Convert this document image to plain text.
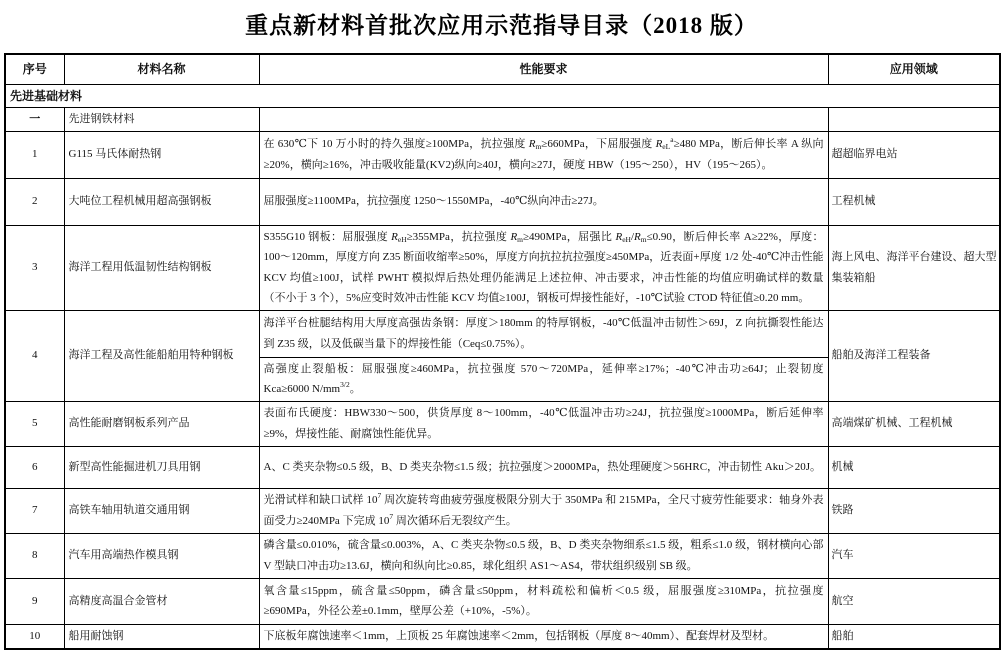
重点新材料首批次应用示范指导目录（2018 版）
序号	材料名称	性能要求	应用领域
先进基础材料			
一	先进钢铁材料		
1	G115 马氏体耐热钢	在 630℃下 10 万小时的持久强度≥100MPa，抗拉强度 $R_m\ge 660MPa$，下屈服强度 $R_{eL}^a\ge 480$ MPa，断后伸长率 A 纵向≥20%，横向≥16%，冲击吸收能量(KV2)纵向≥40J，横向≥27J，硬度 HBW（195～250），HV（195～265）。	超超临界电站
2	大吨位工程机械用超高强钢板	屈服强度≥1100MPa，抗拉强度 1250～1550MPa，-40℃纵向冲击≥27J。	工程机械
3	海洋工程用低温韧性结构钢板	S355G10 钢板：屈服强度 $R_{eH}\ge 355MPa$，抗拉强度 $R_m\ge 490MPa$，屈强比 $R_{eH}/R_m\le 0.90$，断后伸长率 A≥22%，厚度：100～120mm，厚度方向 Z35 断面收缩率≥50%，厚度方向抗拉抗拉强度≥450MPa，近表面+厚度 1/2 处-40℃冲击性能 KCV 均值≥100J，试样 PWHT 模拟焊后热处理仍能满足上述拉伸、冲击要求，冲击性能的均值应明确试样的数量（不小于 3 个），5%应变时效冲击性能 KCV 均值≥100J，钢板可焊接性能好，-10℃试验 CTOD 特征值≥0.20 mm。	海上风电、海洋平台建设、超大型集装箱船
4	海洋工程及高性能船舶用特种钢板	海洋平台桩腿结构用大厚度高强齿条钢：厚度＞180mm 的特厚钢板，-40℃低温冲击韧性＞69J，Z 向抗撕裂性能达到 Z35 级，以及低碳当量下的焊接性能（Ceq≤0.75%）。	船舶及海洋工程装备
		高强度止裂船板：屈服强度≥460MPa，抗拉强度 570～720MPa，延伸率≥17%；-40℃冲击功≥64J；止裂韧度 Kca≥6000 $N/mm^{3/2}$。	
5	高性能耐磨钢板系列产品	表面布氏硬度：HBW330～500，供货厚度 8～100mm，-40℃低温冲击功≥24J，抗拉强度≥1000MPa，断后延伸率≥9%，焊接性能、耐腐蚀性能优异。	高端煤矿机械、工程机械
6	新型高性能掘进机刀具用钢	A、C 类夹杂物≤0.5 级，B、D 类夹杂物≤1.5 级；抗拉强度＞2000MPa，热处理硬度＞56HRC，冲击韧性 Aku＞20J。	机械
7	高铁车轴用轨道交通用钢	光滑试样和缺口试样 $10^7$ 周次旋转弯曲疲劳强度极限分别大于 350MPa 和 215MPa，全尺寸疲劳性能要求：轴身外表面受力≥240MPa 下完成 $10^7$ 周次循环后无裂纹产生。	铁路
8	汽车用高端热作模具钢	磷含量≤0.010%，硫含量≤0.003%，A、C 类夹杂物≤0.5 级，B、D 类夹杂物细系≤1.5 级，粗系≤1.0 级，钢材横向心部 V 型缺口冲击功≥13.6J，横向和纵向比≥0.85，球化组织 AS1～AS4，带状组织级别 SB 级。	汽车
9	高精度高温合金管材	氧含量≤15ppm，硫含量≤50ppm，磷含量≤50ppm，材料疏松和偏析＜0.5 级，屈服强度≥310MPa，抗拉强度≥690MPa，外径公差±0.1mm，壁厚公差（+10%，-5%）。	航空
10	船用耐蚀钢	下底板年腐蚀速率＜1mm，上顶板 25 年腐蚀速率＜2mm，包括钢板（厚度 8～40mm）、配套焊材及型材。	船舶
